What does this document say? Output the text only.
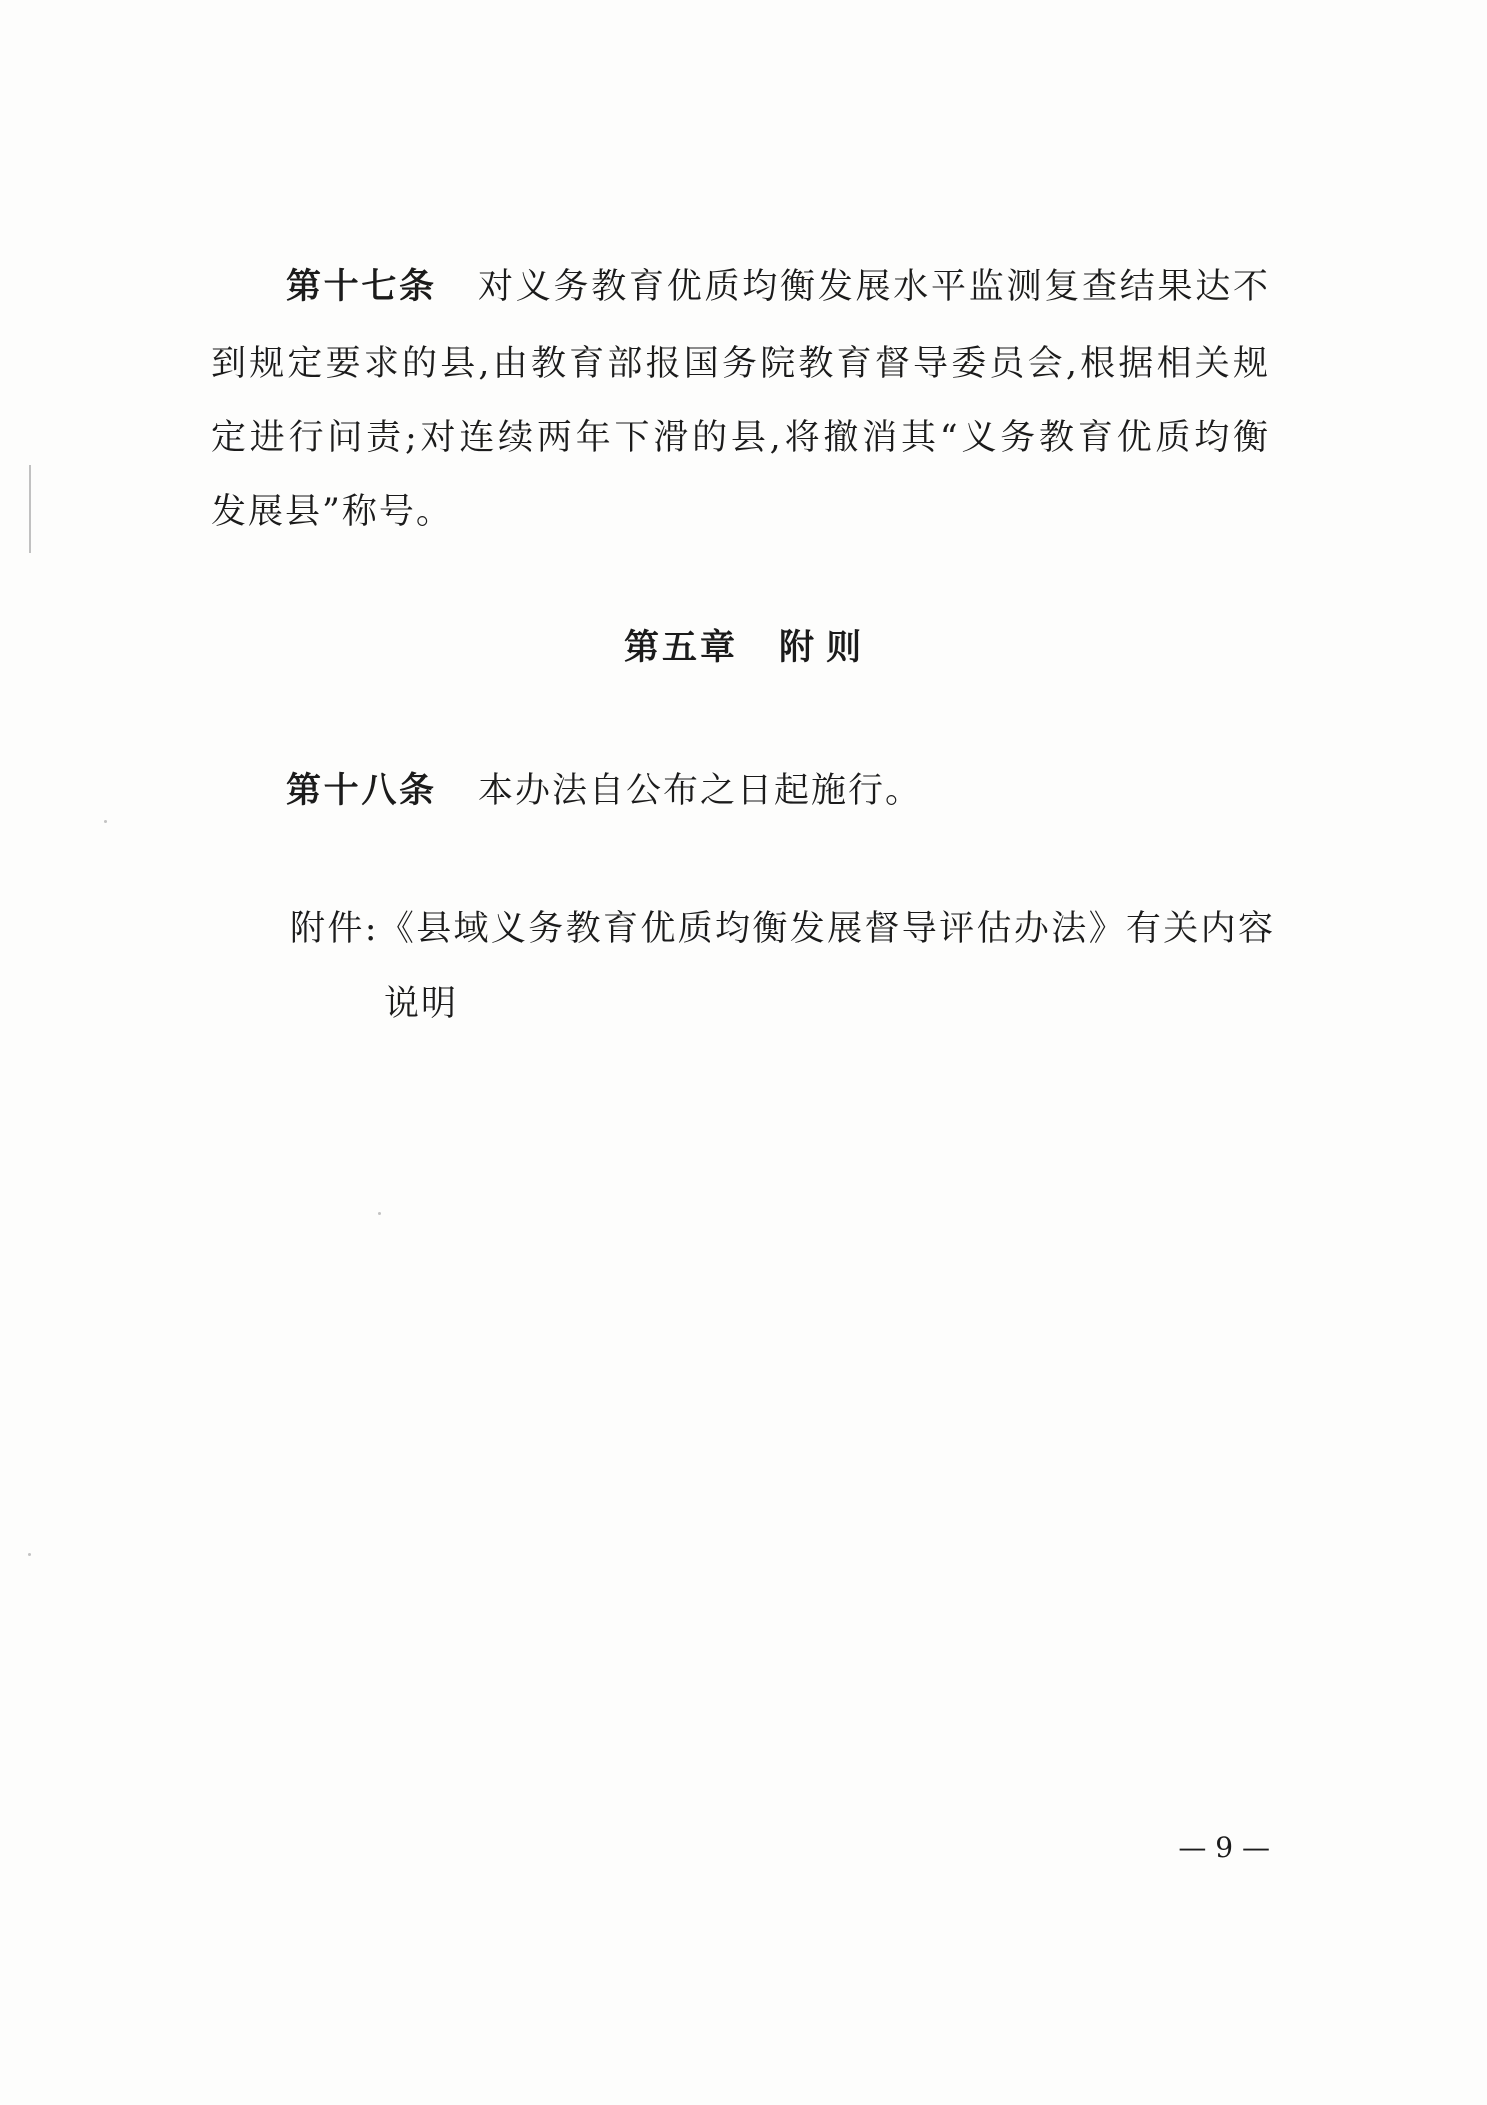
第十七条 对义务教育优质均衡发展水平监测复查结果达不
到规定要求的县,由教育部报国务院教育督导委员会,根据相关规
定进行问责;对连续两年下滑的县,将撤消其“义务教育优质均衡
发展县”称号。
第五章 附 则
第十八条 本办法自公布之日起施行。
附件:《县域义务教育优质均衡发展督导评估办法》有关内容
说明
— 9 —
